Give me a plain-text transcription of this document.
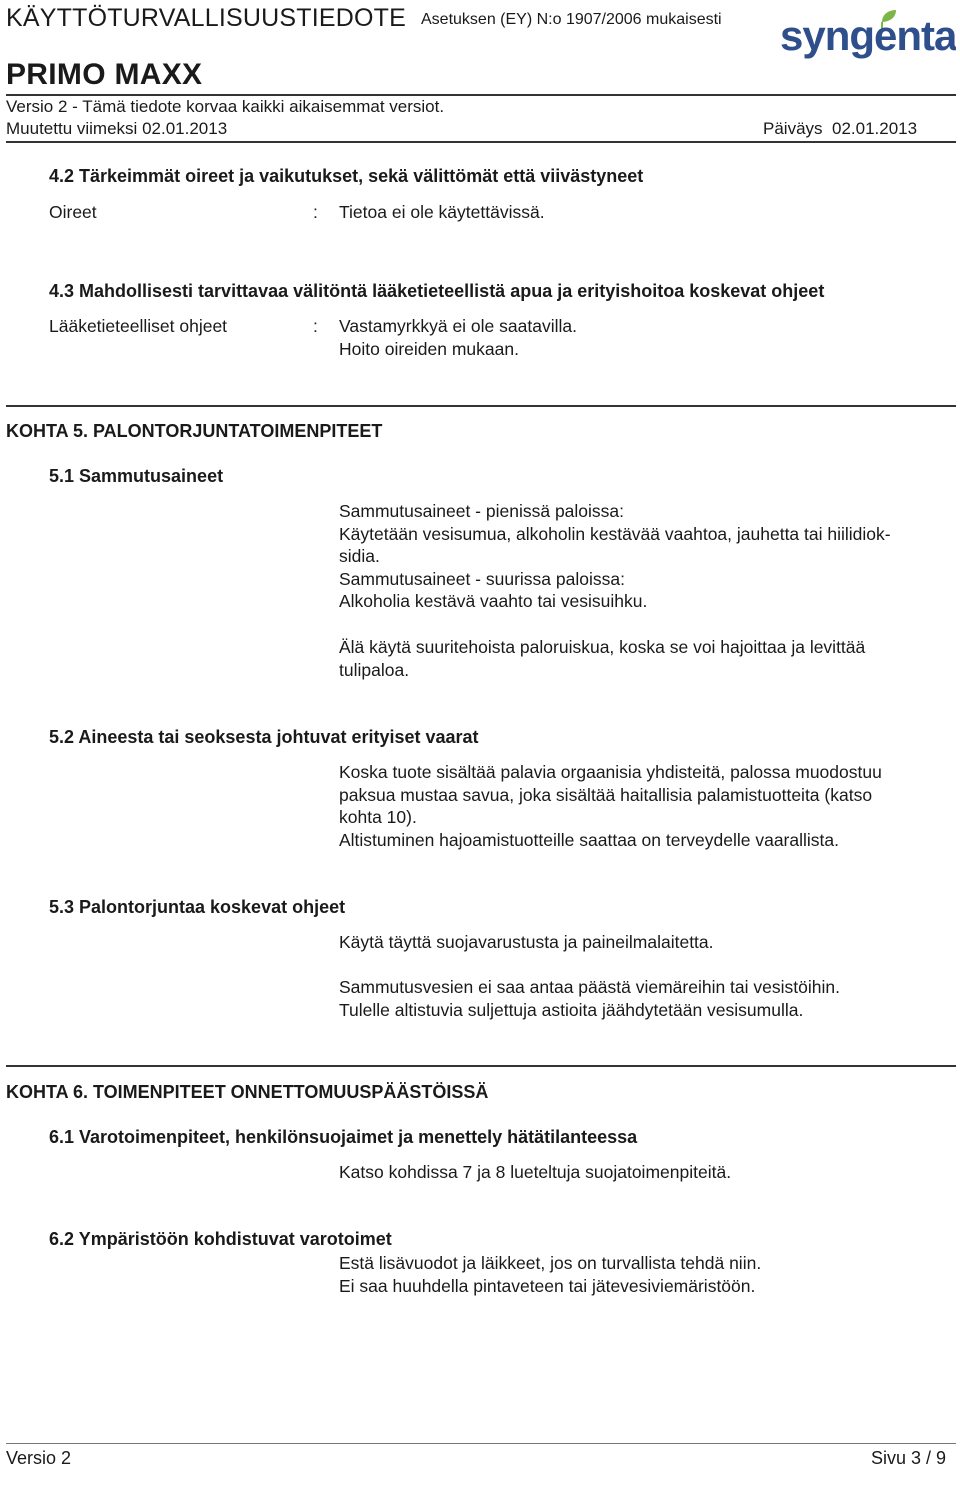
KÄYTTÖTURVALLISUUSTIEDOTE Asetuksen (EY) N:o 1907/2006 mukaisesti syngenta
PRIMO MAXX
Versio 2 - Tämä tiedote korvaa kaikki aikaisemmat versiot.
Muutettu viimeksi 02.01.2013	Päiväys 02.01.2013
4.2 Tärkeimmät oireet ja vaikutukset, sekä välittömät että viivästyneet
Oireet	: Tietoa ei ole käytettävissä.
4.3 Mahdollisesti tarvittavaa välitöntä lääketieteellistä apua ja erityishoitoa koskevat ohjeet
Lääketieteelliset ohjeet	: Vastamyrkkyä ei ole saatavilla.
Hoito oireiden mukaan.
KOHTA 5. PALONTORJUNTATOIMENPITEET
5.1 Sammutusaineet
Sammutusaineet - pienissä paloissa:
Käytetään vesisumua, alkoholin kestävää vaahtoa, jauhetta tai hiilidiok-
sidia.
Sammutusaineet - suurissa paloissa:
Alkoholia kestävä vaahto tai vesisuihku.
Älä käytä suuritehoista paloruiskua, koska se voi hajoittaa ja levittää
tulipaloa.
5.2 Aineesta tai seoksesta johtuvat erityiset vaarat
Koska tuote sisältää palavia orgaanisia yhdisteitä, palossa muodostuu
paksua mustaa savua, joka sisältää haitallisia palamistuotteita (katso
kohta 10).
Altistuminen hajoamistuotteille saattaa on terveydelle vaarallista.
5.3 Palontorjuntaa koskevat ohjeet
Käytä täyttä suojavarustusta ja paineilmalaitetta.
Sammutusvesien ei saa antaa päästä viemäreihin tai vesistöihin.
Tulelle altistuvia suljettuja astioita jäähdytetään vesisumulla.
KOHTA 6. TOIMENPITEET ONNETTOMUUSPÄÄSTÖISSÄ
6.1 Varotoimenpiteet, henkilönsuojaimet ja menettely hätätilanteessa
Katso kohdissa 7 ja 8 lueteltuja suojatoimenpiteitä.
6.2 Ympäristöön kohdistuvat varotoimet
Estä lisävuodot ja läikkeet, jos on turvallista tehdä niin.
Ei saa huuhdella pintaveteen tai jätevesiviemäristöön.
Versio 2	Sivu 3 / 9
